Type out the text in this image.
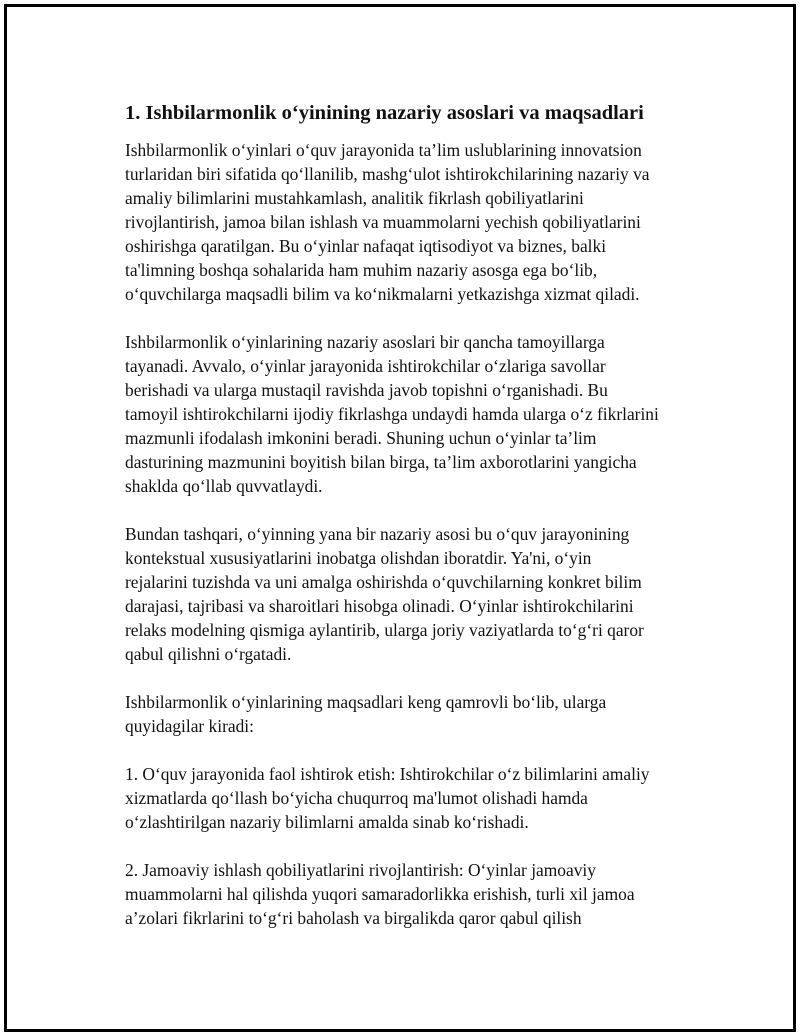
1. Ishbilarmonlik o‘yinining nazariy asoslari va maqsadlari

Ishbilarmonlik o‘yinlari o‘quv jarayonida ta’lim uslublarining innovatsion
turlaridan biri sifatida qo‘llanilib, mashg‘ulot ishtirokchilarining nazariy va
amaliy bilimlarini mustahkamlash, analitik fikrlash qobiliyatlarini
rivojlantirish, jamoa bilan ishlash va muammolarni yechish qobiliyatlarini
oshirishga qaratilgan. Bu o‘yinlar nafaqat iqtisodiyot va biznes, balki
ta'limning boshqa sohalarida ham muhim nazariy asosga ega bo‘lib,
o‘quvchilarga maqsadli bilim va ko‘nikmalarni yetkazishga xizmat qiladi.

Ishbilarmonlik o‘yinlarining nazariy asoslari bir qancha tamoyillarga
tayanadi. Avvalo, o‘yinlar jarayonida ishtirokchilar o‘zlariga savollar
berishadi va ularga mustaqil ravishda javob topishni o‘rganishadi. Bu
tamoyil ishtirokchilarni ijodiy fikrlashga undaydi hamda ularga o‘z fikrlarini
mazmunli ifodalash imkonini beradi. Shuning uchun o‘yinlar ta’lim
dasturining mazmunini boyitish bilan birga, ta’lim axborotlarini yangicha
shaklda qo‘llab quvvatlaydi.

Bundan tashqari, o‘yinning yana bir nazariy asosi bu o‘quv jarayonining
kontekstual xususiyatlarini inobatga olishdan iboratdir. Ya'ni, o‘yin
rejalarini tuzishda va uni amalga oshirishda o‘quvchilarning konkret bilim
darajasi, tajribasi va sharoitlari hisobga olinadi. O‘yinlar ishtirokchilarini
relaks modelning qismiga aylantirib, ularga joriy vaziyatlarda to‘g‘ri qaror
qabul qilishni o‘rgatadi.

Ishbilarmonlik o‘yinlarining maqsadlari keng qamrovli bo‘lib, ularga
quyidagilar kiradi:

1. O‘quv jarayonida faol ishtirok etish: Ishtirokchilar o‘z bilimlarini amaliy
xizmatlarda qo‘llash bo‘yicha chuqurroq ma'lumot olishadi hamda
o‘zlashtirilgan nazariy bilimlarni amalda sinab ko‘rishadi.

2. Jamoaviy ishlash qobiliyatlarini rivojlantirish: O‘yinlar jamoaviy
muammolarni hal qilishda yuqori samaradorlikka erishish, turli xil jamoa
a’zolari fikrlarini to‘g‘ri baholash va birgalikda qaror qabul qilish
